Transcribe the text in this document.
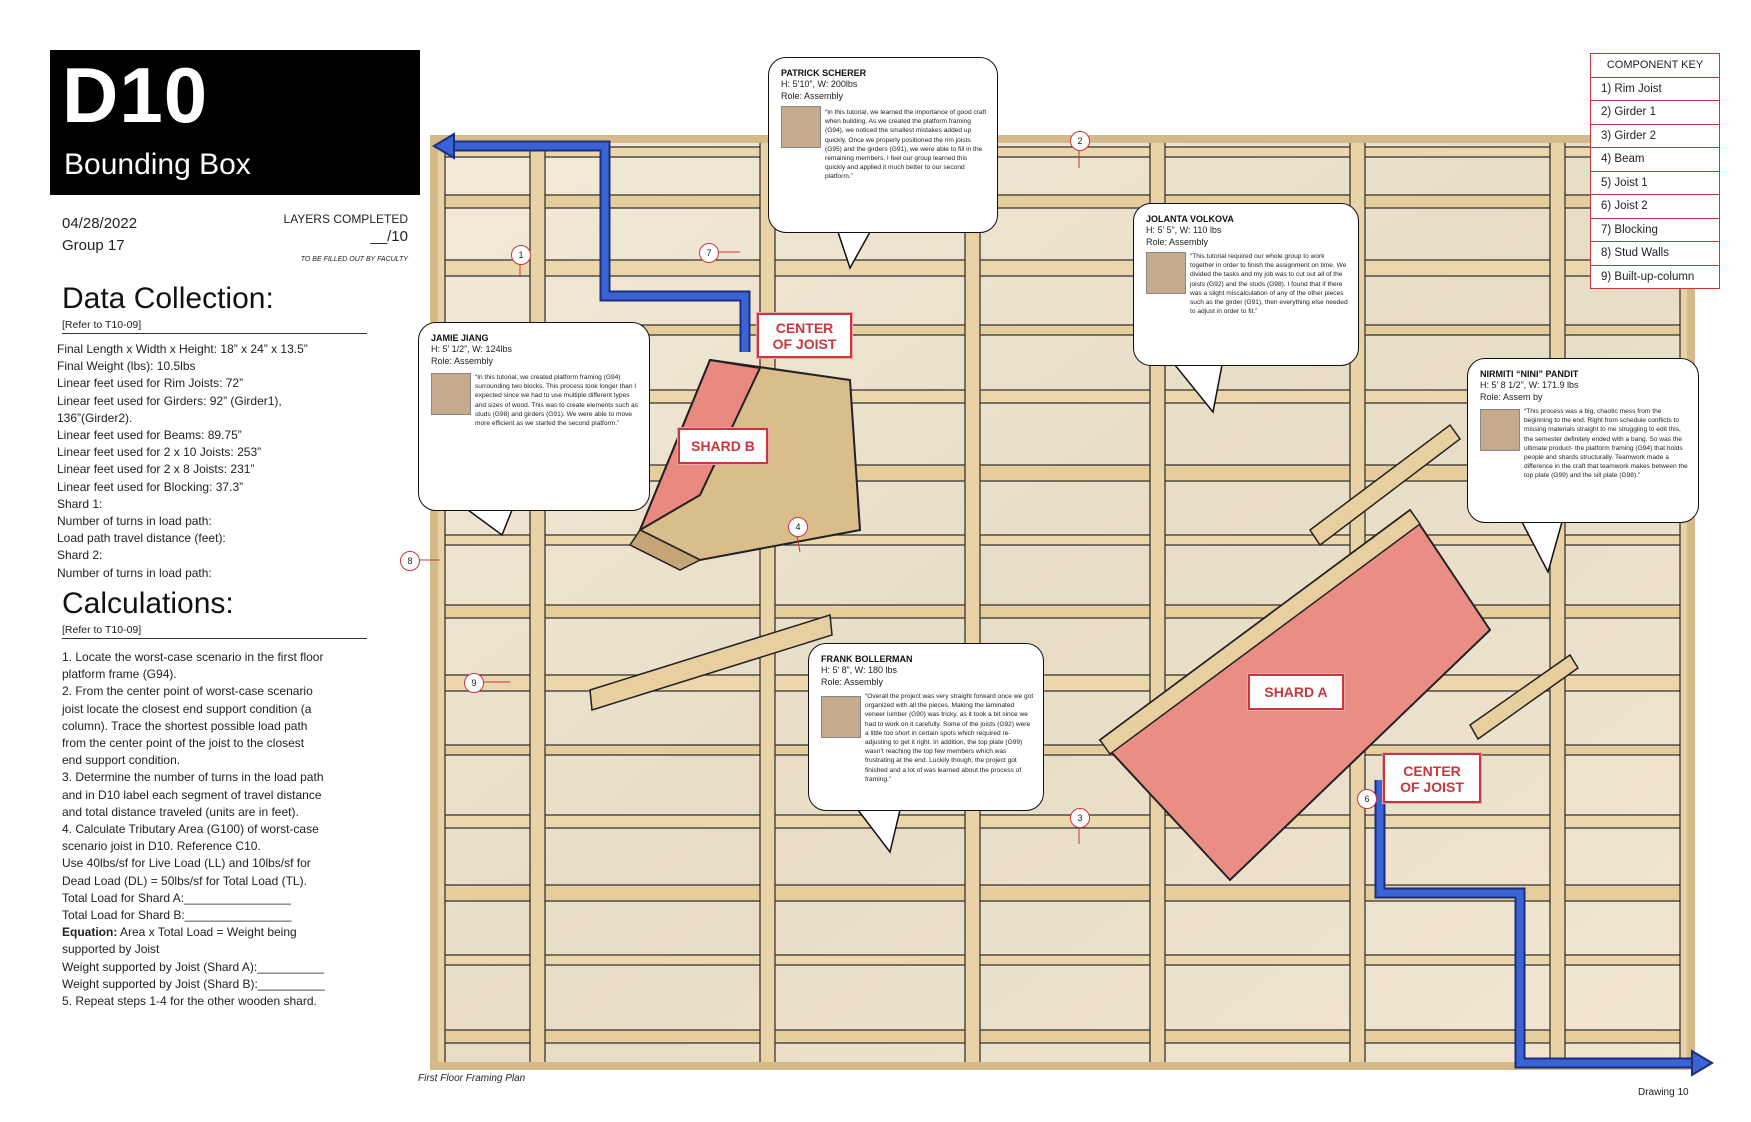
D10
Bounding Box
04/28/2022
Group 17
LAYERS COMPLETED
__/10
TO BE FILLED OUT BY FACULTY
Data Collection:
[Refer to T10-09]
Final Length x Width x Height: 18” x 24” x 13.5”
Final Weight (lbs): 10.5lbs
Linear feet used for Rim Joists: 72”
Linear feet used for Girders: 92” (Girder1),
136”(Girder2).
Linear feet used for Beams: 89.75”
Linear feet used for 2 x 10 Joists: 253”
Linear feet used for 2 x 8 Joists: 231”
Linear feet used for Blocking: 37.3”
Shard 1:
Number of turns in load path:
Load path travel distance (feet):
Shard 2:
Number of turns in load path:
Calculations:
[Refer to T10-09]
1. Locate the worst-case scenario in the first floor
platform frame (G94).
2. From the center point of worst-case scenario
joist locate the closest end support condition (a
column). Trace the shortest possible load path
from the center point of the joist to the closest
end support condition.
3. Determine the number of turns in the load path
and in D10 label each segment of travel distance
and total distance traveled (units are in feet).
4. Calculate Tributary Area (G100) of worst-case
scenario joist in D10. Reference C10.
Use 40lbs/sf for Live Load (LL) and 10lbs/sf for
Dead Load (DL) = 50lbs/sf for Total Load (TL).
Total Load for Shard A:________________
Total Load for Shard B:________________
Equation: Area x Total Load = Weight being
supported by Joist
Weight supported by Joist (Shard A):__________
Weight supported by Joist (Shard B):__________
5. Repeat steps 1-4 for the other wooden shard.
CENTER
OF JOIST
CENTER
OF JOIST
SHARD B
SHARD A
1
2
3
4
6
7
8
9
COMPONENT KEY
1) Rim Joist
2) Girder 1
3) Girder 2
4) Beam
5) Joist 1
6) Joist 2
7) Blocking
8) Stud Walls
9) Built-up-column
PATRICK SCHERER
H: 5’10”, W: 200lbs
Role: Assembly
“In this tutorial, we learned the importance of good craft when building. As we created the platform framing (G94), we noticed the smallest mistakes added up quickly. Once we properly positioned the rim joists (G95) and the girders (G91), we were able to fill in the remaining members. I feel our group learned this quickly and applied it much better to our second platform.”
JOLANTA VOLKOVA
H: 5’ 5”, W: 110 lbs
Role: Assembly
“This tutorial required our whole group to work together in order to finish the assignment on time. We divided the tasks and my job was to cut out all of the joists (G92) and the studs (G98). I found that if there was a slight miscalculation of any of the other pieces such as the girder (G91), then everything else needed to adjust in order to fit.”
JAMIE JIANG
H: 5’ 1/2”, W: 124lbs
Role: Assembly
“In this tutorial, we created platform framing (G94) surrounding two blocks. This process took longer than I expected since we had to use multiple different types and sizes of wood. This was to create elements such as studs (G98) and girders (G91). We were able to move more efficient as we started the second platform.”
NIRMITI “NINI” PANDIT
H: 5’ 8 1/2”, W: 171.9 lbs
Role: Assem by
“This process was a big, chaotic mess from the beginning to the end. Right from schedule conflicts to missing materials straight to me struggling to edit this, the semester definitely ended with a bang. So was the ultimate product- the platform framing (G94) that holds people and shards structurally. Teamwork made a difference in the craft that teamwork makes between the top plate (G99) and the sill plate (G98).”
FRANK BOLLERMAN
H: 5’ 8”, W: 180 lbs
Role: Assembly
“Overall the project was very straight forward once we got organized with all the pieces. Making the laminated veneer lumber (G90) was tricky, as it took a bit since we had to work on it carefully. Some of the joists (G92) were a little too short in certain spots which required re-adjusting to get it right. In addition, the top plate (G99) wasn’t reaching the top few members which was frustrating at the end. Luckily though, the project got finished and a lot of was learned about the process of framing.”
First Floor Framing Plan
Drawing 10
